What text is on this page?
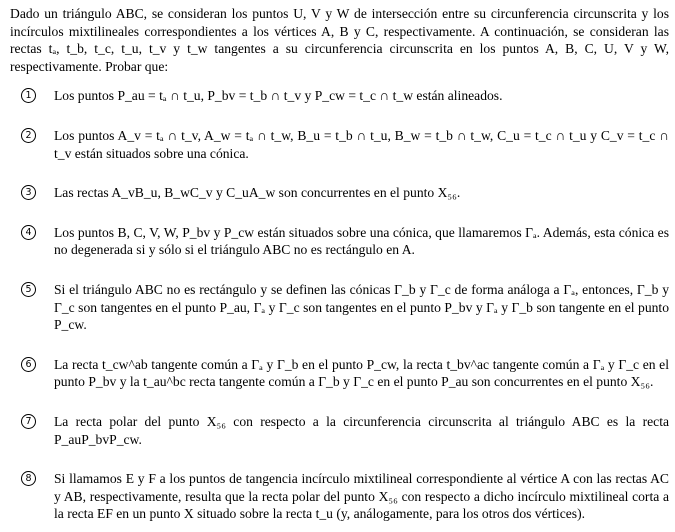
Dado un triángulo ABC, se consideran los puntos U, V y W de intersección entre su circunferencia circunscrita y los incírculos mixtilineales correspondientes a los vértices A, B y C, respectivamente. A continuación, se consideran las rectas tₐ, t_b, t_c, t_u, t_v y t_w tangentes a su circunferencia circunscrita en los puntos A, B, C, U, V y W, respectivamente. Probar que:

1	Los puntos P_au = tₐ ∩ t_u, P_bv = t_b ∩ t_v y P_cw = t_c ∩ t_w están alineados.
2	Los puntos A_v = tₐ ∩ t_v, A_w = tₐ ∩ t_w, B_u = t_b ∩ t_u, B_w = t_b ∩ t_w, C_u = t_c ∩ t_u y C_v = t_c ∩ t_v están situados sobre una cónica.
3	Las rectas A_vB_u, B_wC_v y C_uA_w son concurrentes en el punto X₅₆.
4	Los puntos B, C, V, W, P_bv y P_cw están situados sobre una cónica, que llamaremos Γₐ. Además, esta cónica es no degenerada si y sólo si el triángulo ABC no es rectángulo en A.
5	Si el triángulo ABC no es rectángulo y se definen las cónicas Γ_b y Γ_c de forma análoga a Γₐ, entonces, Γ_b y Γ_c son tangentes en el punto P_au, Γₐ y Γ_c son tangentes en el punto P_bv y Γₐ y Γ_b son tangente en el punto P_cw.
6	La recta t_cw^ab tangente común a Γₐ y Γ_b en el punto P_cw, la recta t_bv^ac tangente común a Γₐ y Γ_c en el punto P_bv y la t_au^bc recta tangente común a Γ_b y Γ_c en el punto P_au son concurrentes en el punto X₅₆.
7	La recta polar del punto X₅₆ con respecto a la circunferencia circunscrita al triángulo ABC es la recta P_auP_bvP_cw.
8	Si llamamos E y F a los puntos de tangencia incírculo mixtilineal correspondiente al vértice A con las rectas AC y AB, respectivamente, resulta que la recta polar del punto X₅₆ con respecto a dicho incírculo mixtilineal corta a la recta EF en un punto X situado sobre la recta t_u (y, análogamente, para los otros dos vértices).
